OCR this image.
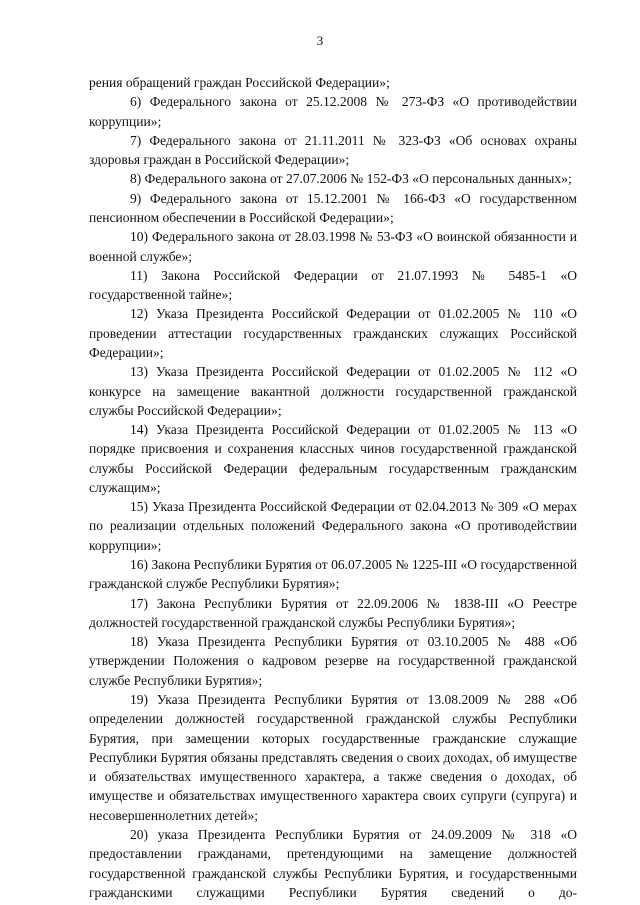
3

рения обращений граждан Российской Федерации»;

6) Федерального закона от 25.12.2008 № 273-ФЗ «О противодействии коррупции»;

7) Федерального закона от 21.11.2011 № 323-ФЗ «Об основах охраны здоровья граждан в Российской Федерации»;

8) Федерального закона от 27.07.2006 № 152-ФЗ «О персональных данных»;

9) Федерального закона от 15.12.2001 № 166-ФЗ «О государственном пенсионном обеспечении в Российской Федерации»;

10) Федерального закона от 28.03.1998 № 53-ФЗ «О воинской обязанности и военной службе»;

11) Закона Российской Федерации от 21.07.1993 № 5485-1 «О государственной тайне»;

12) Указа Президента Российской Федерации от 01.02.2005 № 110 «О проведении аттестации государственных гражданских служащих Российской Федерации»;

13) Указа Президента Российской Федерации от 01.02.2005 № 112 «О конкурсе на замещение вакантной должности государственной гражданской службы Российской Федерации»;

14) Указа Президента Российской Федерации от 01.02.2005 № 113 «О порядке присвоения и сохранения классных чинов государственной гражданской службы Российской Федерации федеральным государственным гражданским служащим»;

15) Указа Президента Российской Федерации от 02.04.2013 № 309 «О мерах по реализации отдельных положений Федерального закона «О противодействии коррупции»;

16) Закона Республики Бурятия от 06.07.2005 № 1225-III «О государственной гражданской службе Республики Бурятия»;

17) Закона Республики Бурятия от 22.09.2006 № 1838-III «О Реестре должностей государственной гражданской службы Республики Бурятия»;

18) Указа Президента Республики Бурятия от 03.10.2005 № 488 «Об утверждении Положения о кадровом резерве на государственной гражданской службе Республики Бурятия»;

19) Указа Президента Республики Бурятия от 13.08.2009 № 288 «Об определении должностей государственной гражданской службы Республики Бурятия, при замещении которых государственные гражданские служащие Республики Бурятия обязаны представлять сведения о своих доходах, об имуществе и обязательствах имущественного характера, а также сведения о доходах, об имуществе и обязательствах имущественного характера своих супруги (супруга) и несовершеннолетних детей»;

20) указа Президента Республики Бурятия от 24.09.2009 № 318 «О предоставлении гражданами, претендующими на замещение должностей государственной гражданской службы Республики Бурятия, и государственными гражданскими служащими Республики Бурятия сведений о до-
